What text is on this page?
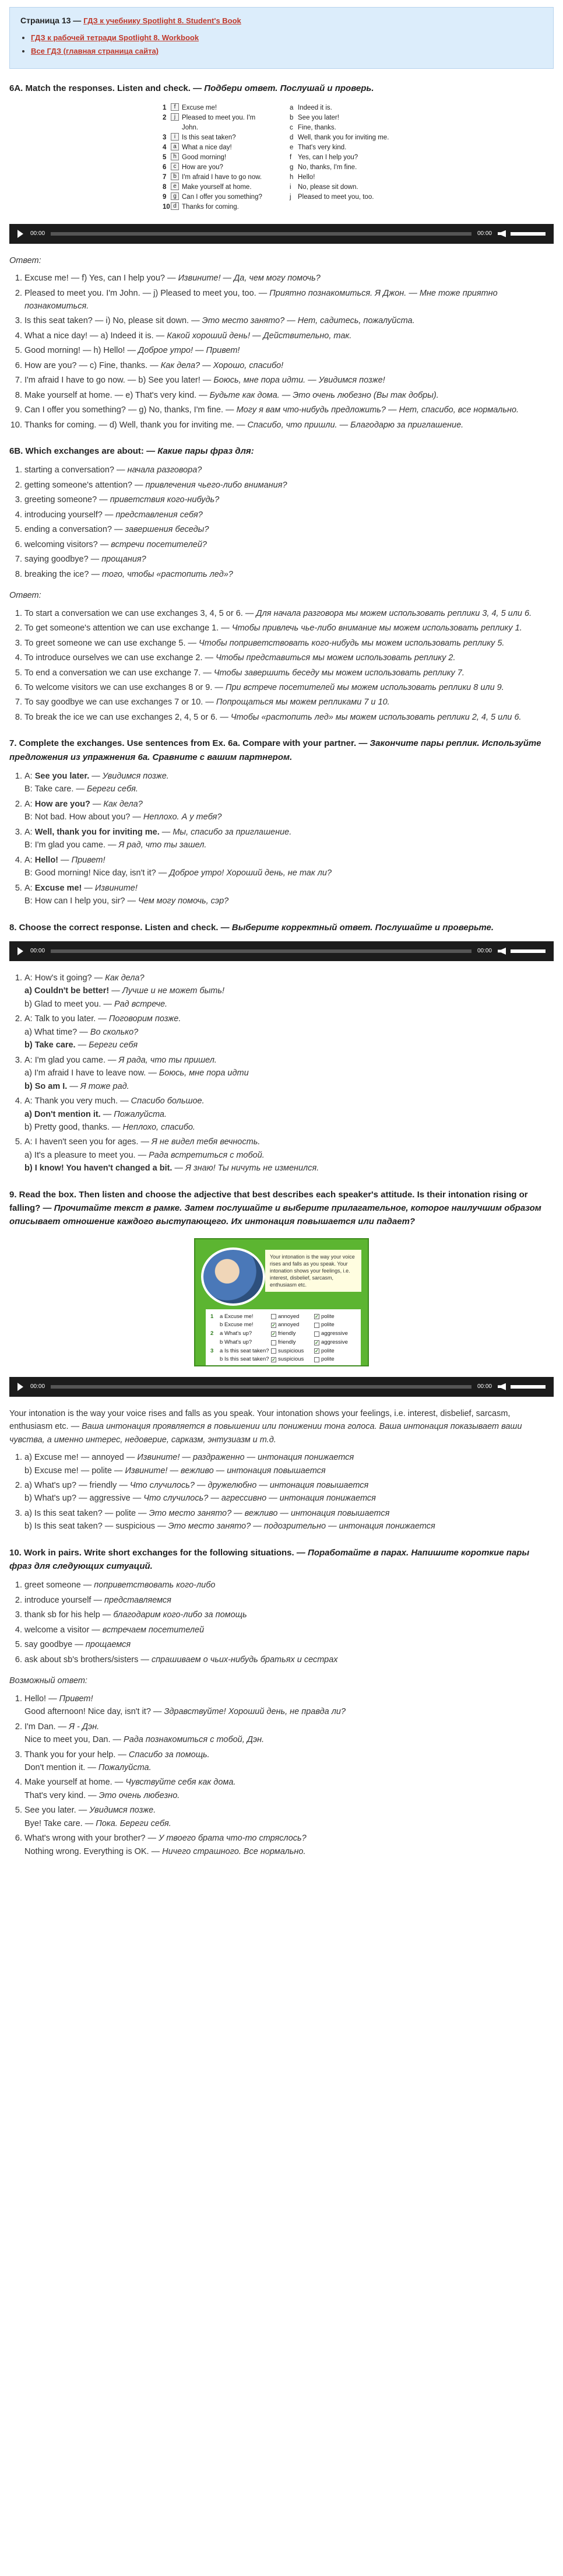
Страница 13 — ГДЗ к учебнику Spotlight 8. Student's Book
• ГДЗ к рабочей тетради Spotlight 8. Workbook
• Все ГДЗ (главная страница сайта)
6A. Match the responses. Listen and check. — Подбери ответ. Послушай и проверь.
1	f Excuse me!
2	j Pleased to meet you. I'm John.
3	i Is this seat taken?
4	a What a nice day!
5	h Good morning!
6	c How are you?
7	b I'm afraid I have to go now.
8	e Make yourself at home.
9	g Can I offer you something?
10 d Thanks for coming.
a Indeed it is.
b See you later!
c Fine, thanks.
d Well, thank you for inviting me.
e That's very kind.
f Yes, can I help you?
g No, thanks, I'm fine.
h Hello!
i No, please sit down.
j Pleased to meet you, too.
00:00	00:00
Ответ:
1. Excuse me! — f) Yes, can I help you? — Извините! — Да, чем могу помочь?
2. Pleased to meet you. I'm John. — j) Pleased to meet you, too. — Приятно познакомиться. Я Джон. — Мне тоже приятно познакомиться.
3. Is this seat taken? — i) No, please sit down. — Это место занято? — Нет, садитесь, пожалуйста.
4. What a nice day! — a) Indeed it is. — Какой хороший день! — Действительно, так.
5. Good morning! — h) Hello! — Доброе утро! — Привет!
6. How are you? — c) Fine, thanks. — Как дела? — Хорошо, спасибо!
7. I'm afraid I have to go now. — b) See you later! — Боюсь, мне пора идти. — Увидимся позже!
8. Make yourself at home. — e) That's very kind. — Будьте как дома. — Это очень любезно (Вы так добры).
9. Can I offer you something? — g) No, thanks, I'm fine. — Могу я вам что-нибудь предложить? — Нет, спасибо, все нормально.
10. Thanks for coming. — d) Well, thank you for inviting me. — Спасибо, что пришли. — Благодарю за приглашение.
6B. Which exchanges are about: — Какие пары фраз для:
1. starting a conversation? — начала разговора?
2. getting someone's attention? — привлечения чьего-либо внимания?
3. greeting someone? — приветствия кого-нибудь?
4. introducing yourself? — представления себя?
5. ending a conversation? — завершения беседы?
6. welcoming visitors? — встречи посетителей?
7. saying goodbye? — прощания?
8. breaking the ice? — того, чтобы «растопить лед»?
Ответ:
1. To start a conversation we can use exchanges 3, 4, 5 or 6. — Для начала разговора мы можем использовать реплики 3, 4, 5 или 6.
2. To get someone's attention we can use exchange 1. — Чтобы привлечь чье-либо внимание мы можем использовать реплику 1.
3. To greet someone we can use exchange 5. — Чтобы поприветствовать кого-нибудь мы можем использовать реплику 5.
4. To introduce ourselves we can use exchange 2. — Чтобы представиться мы можем использовать реплику 2.
5. To end a conversation we can use exchange 7. — Чтобы завершить беседу мы можем использовать реплику 7.
6. To welcome visitors we can use exchanges 8 or 9. — При встрече посетителей мы можем использовать реплики 8 или 9.
7. To say goodbye we can use exchanges 7 or 10. — Попрощаться мы можем репликами 7 и 10.
8. To break the ice we can use exchanges 2, 4, 5 or 6. — Чтобы «растопить лед» мы можем использовать реплики 2, 4, 5 или 6.
7. Complete the exchanges. Use sentences from Ex. 6a. Compare with your partner. — Закончите пары реплик. Используйте предложения из упражнения 6а. Сравните с вашим партнером.
1. A: See you later. — Увидимся позже.
B: Take care. — Береги себя.
2. A: How are you? — Как дела?
B: Not bad. How about you? — Неплохо. А у тебя?
3. A: Well, thank you for inviting me. — Мы, спасибо за приглашение.
B: I'm glad you came. — Я рад, что ты зашел.
4. A: Hello! — Привет!
B: Good morning! Nice day, isn't it? — Доброе утро! Хороший день, не так ли?
5. A: Excuse me! — Извините!
B: How can I help you, sir? — Чем могу помочь, сэр?
8. Choose the correct response. Listen and check. — Выберите корректный ответ. Послушайте и проверьте.
00:00	00:00
1. A: How's it going? — Как дела?
a) Couldn't be better! — Лучше и не может быть!
b) Glad to meet you. — Рад встрече.
2. A: Talk to you later. — Поговорим позже.
a) What time? — Во сколько?
b) Take care. — Береги себя
3. A: I'm glad you came. — Я рада, что ты пришел.
a) I'm afraid I have to leave now. — Боюсь, мне пора идти
b) So am I. — Я тоже рад.
4. A: Thank you very much. — Спасибо большое.
a) Don't mention it. — Пожалуйста.
b) Pretty good, thanks. — Неплохо, спасибо.
5. A: I haven't seen you for ages. — Я не видел тебя вечность.
a) It's a pleasure to meet you. — Рада встретиться с тобой.
b) I know! You haven't changed a bit. — Я знаю! Ты ничуть не изменился.
9. Read the box. Then listen and choose the adjective that best describes each speaker's attitude. Is their intonation rising or falling? — Прочитайте текст в рамке. Затем послушайте и выберите прилагательное, которое наилучшим образом описывает отношение каждого выступающего. Их интонация повышается или падает?
Your intonation is the way your voice rises and falls as you speak. Your intonation shows your feelings, i.e. interest, disbelief, sarcasm, enthusiasm etc.
1	a Excuse me!	annoyed	✓ polite
b Excuse me!	✓ annoyed	polite
2	a What's up?	✓ friendly	aggressive
b What's up?	friendly	✓ aggressive
3	a Is this seat taken?	suspicious	✓ polite
b Is this seat taken? ✓ suspicious	polite
00:00	00:00
Your intonation is the way your voice rises and falls as you speak. Your intonation shows your feelings, i.e. interest, disbelief, sarcasm, enthusiasm etc. — Ваша интонация проявляется в повышении или понижении тона голоса. Ваша интонация показывает ваши чувства, а именно интерес, недоверие, сарказм, энтузиазм и т.д.
1. a) Excuse me! — annoyed — Извините! — раздраженно — интонация понижается
b) Excuse me! — polite — Извините! — вежливо — интонация повышается
2. a) What's up? — friendly — Что случилось? — дружелюбно — интонация повышается
b) What's up? — aggressive — Что случилось? — агрессивно — интонация понижается
3. a) Is this seat taken? — polite — Это место занято? — вежливо — интонация повышается
b) Is this seat taken? — suspicious — Это место занято? — подозрительно — интонация понижается
10. Work in pairs. Write short exchanges for the following situations. — Поработайте в парах. Напишите короткие пары фраз для следующих ситуаций.
1. greet someone — поприветствовать кого-либо
2. introduce yourself — представляемся
3. thank sb for his help — благодарим кого-либо за помощь
4. welcome a visitor — встречаем посетителей
5. say goodbye — прощаемся
6. ask about sb's brothers/sisters — спрашиваем о чьих-нибудь братьях и сестрах
Возможный ответ:
1. Hello! — Привет!
Good afternoon! Nice day, isn't it? — Здравствуйте! Хороший день, не правда ли?
2. I'm Dan. — Я - Дэн.
Nice to meet you, Dan. — Рада познакомиться с тобой, Дэн.
3. Thank you for your help. — Спасибо за помощь.
Don't mention it. — Пожалуйста.
4. Make yourself at home. — Чувствуйте себя как дома.
That's very kind. — Это очень любезно.
5. See you later. — Увидимся позже.
Bye! Take care. — Пока. Береги себя.
6. What's wrong with your brother? — У твоего брата что-то стряслось?
Nothing wrong. Everything is OK. — Ничего страшного. Все нормально.
